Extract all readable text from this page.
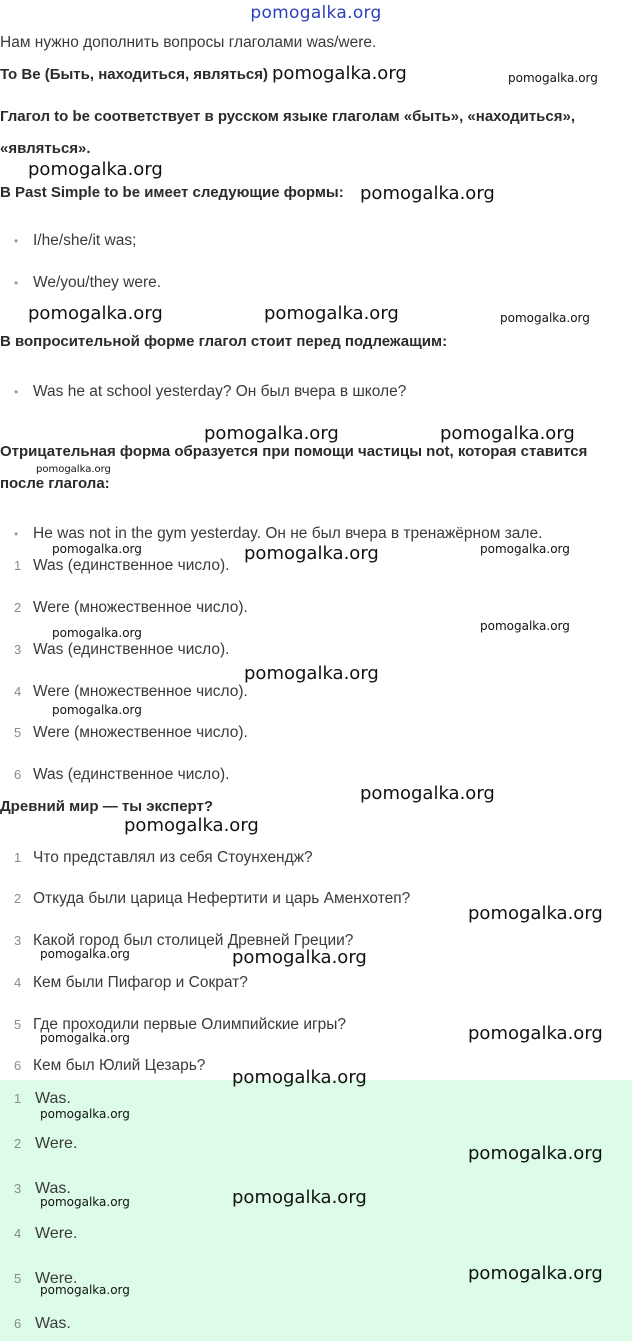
pomogalka.org
Нам нужно дополнить вопросы глаголами was/were.
To Be (Быть, находиться, являться)
Глагол to be соответствует в русском языке глаголам «быть», «находиться», «являться».
В Past Simple to be имеет следующие формы:
• I/he/she/it was;
• We/you/they were.
В вопросительной форме глагол стоит перед подлежащим:
• Was he at school yesterday? Он был вчера в школе?
Отрицательная форма образуется при помощи частицы not, которая ставится после глагола:
• He was not in the gym yesterday. Он не был вчера в тренажёрном зале.
1 Was (единственное число).
2 Were (множественное число).
3 Was (единственное число).
4 Were (множественное число).
5 Were (множественное число).
6 Was (единственное число).
Древний мир — ты эксперт?
1 Что представлял из себя Стоунхендж?
2 Откуда были царица Нефертити и царь Аменхотеп?
3 Какой город был столицей Древней Греции?
4 Кем были Пифагор и Сократ?
5 Где проходили первые Олимпийские игры?
6 Кем был Юлий Цезарь?
1 Was.
2 Were.
3 Was.
4 Were.
5 Were.
6 Was.
pomogalka.org	pomogalka.org
pomogalka.org
pomogalka.org
pomogalka.org	pomogalka.org	pomogalka.org
pomogalka.org	pomogalka.org
pomogalka.org
pomogalka.org	pomogalka.org	pomogalka.org
pomogalka.org
pomogalka.org
pomogalka.org
pomogalka.org
pomogalka.org
pomogalka.org
pomogalka.org
pomogalka.org	pomogalka.org
pomogalka.org
pomogalka.org
pomogalka.org
pomogalka.org
pomogalka.org
pomogalka.org
pomogalka.org
pomogalka.org
pomogalka.org
